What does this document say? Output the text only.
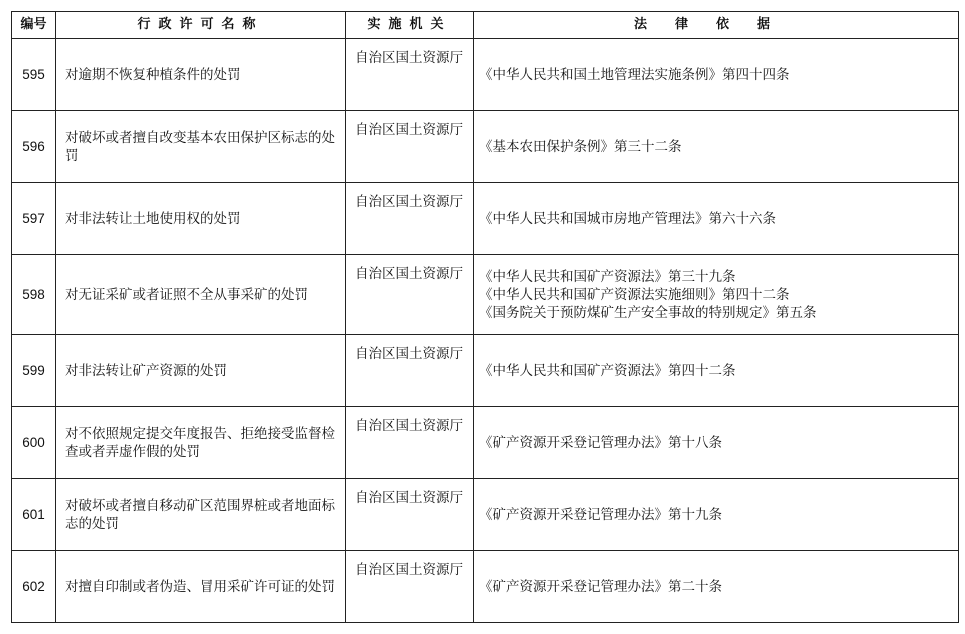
编号	行政许可名称	实施机关	法律依据
595	对逾期不恢复种植条件的处罚	自治区国土资源厅	《中华人民共和国土地管理法实施条例》第四十四条

596	对破坏或者擅自改变基本农田保护区标志的处罚	自治区国土资源厅	《基本农田保护条例》第三十二条

597	对非法转让土地使用权的处罚	自治区国土资源厅	《中华人民共和国城市房地产管理法》第六十六条

598	对无证采矿或者证照不全从事采矿的处罚	自治区国土资源厅	《中华人民共和国矿产资源法》第三十九条
《中华人民共和国矿产资源法实施细则》第四十二条
《国务院关于预防煤矿生产安全事故的特别规定》第五条

599	对非法转让矿产资源的处罚	自治区国土资源厅	《中华人民共和国矿产资源法》第四十二条

600	对不依照规定提交年度报告、拒绝接受监督检查或者弄虚作假的处罚	自治区国土资源厅	《矿产资源开采登记管理办法》第十八条

601	对破坏或者擅自移动矿区范围界桩或者地面标志的处罚	自治区国土资源厅	《矿产资源开采登记管理办法》第十九条

602	对擅自印制或者伪造、冒用采矿许可证的处罚	自治区国土资源厅	《矿产资源开采登记管理办法》第二十条
